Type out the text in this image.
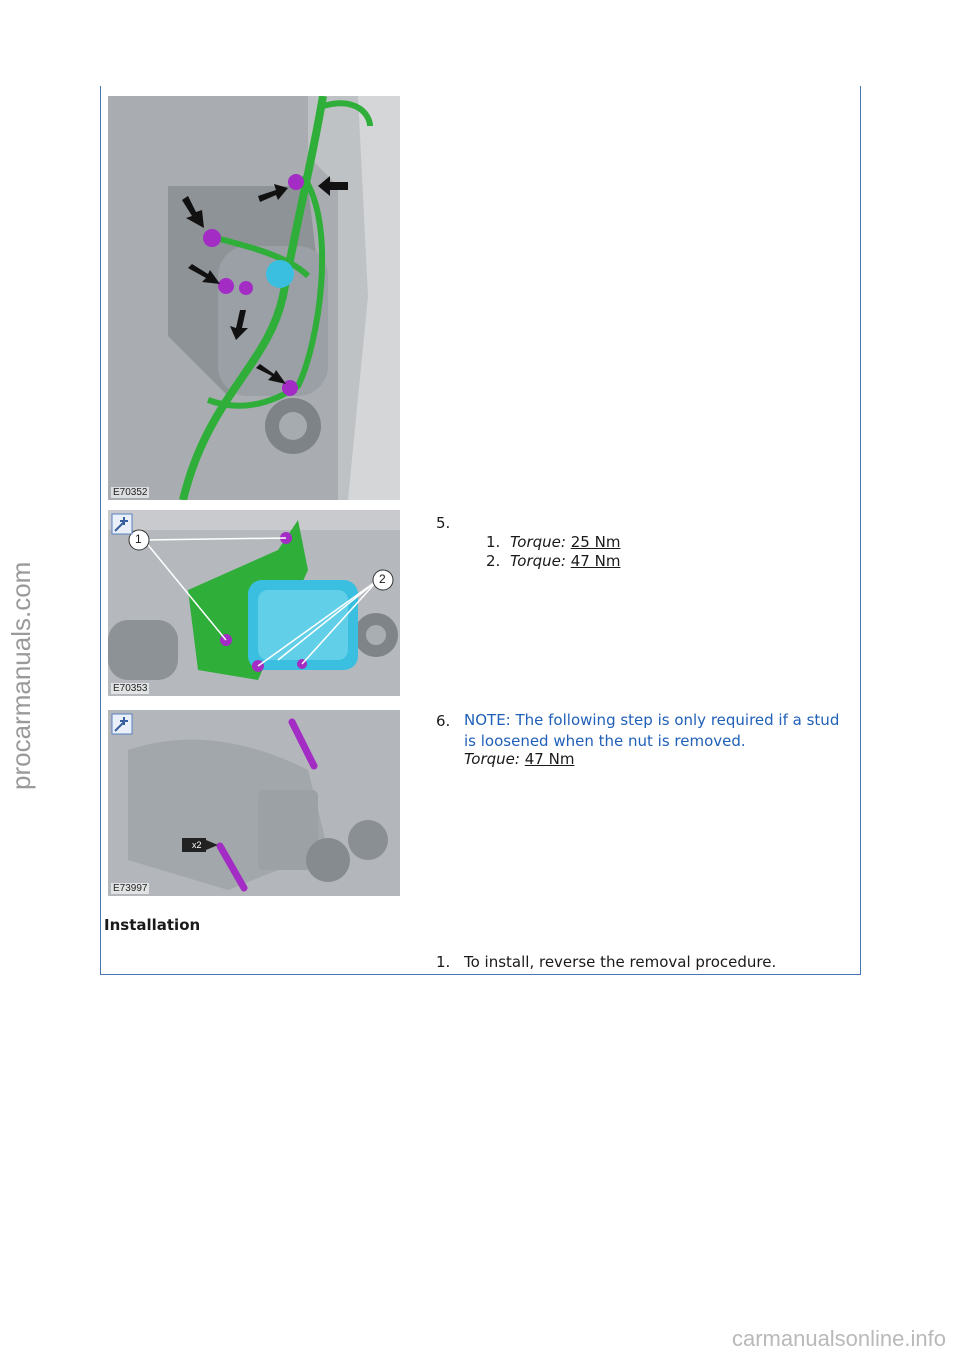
procarmanuals.com
E70352
1
2
E70353
x2
E73997
5.
1. Torque: 25 Nm
2. Torque: 47 Nm
6. NOTE: The following step is only required if a stud is loosened when the nut is removed.
Torque: 47 Nm
Installation
1. To install, reverse the removal procedure.
carmanualsonline.info
